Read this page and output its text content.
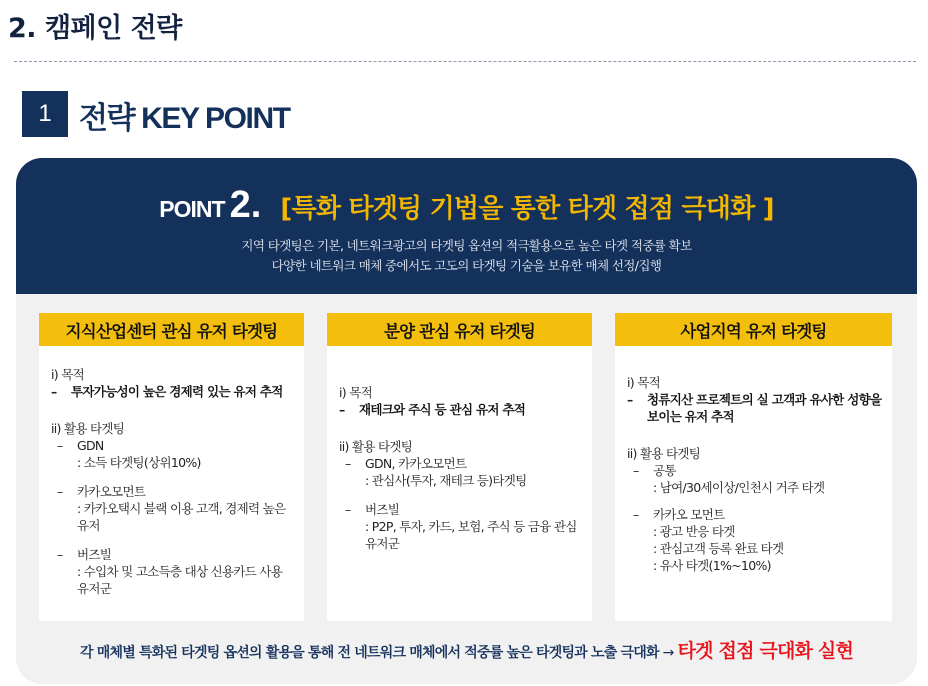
2. 캠페인 전략
1 전략 KEY POINT
POINT 2. [특화 타겟팅 기법을 통한 타겟 접점 극대화 ]
지역 타겟팅은 기본, 네트워크광고의 타겟팅 옵션의 적극활용으로 높은 타겟 적중률 확보
다양한 네트워크 매체 중에서도 고도의 타겟팅 기술을 보유한 매체 선정/집행
지식산업센터 관심 유저 타겟팅
i) 목적
–	투자가능성이 높은 경제력 있는 유저 추적
ii) 활용 타겟팅
–	GDN
: 소득 타겟팅(상위10%)
–	카카오모먼트
: 카카오택시 블랙 이용 고객, 경제력 높은 유저
–	버즈빌
: 수입차 및 고소득층 대상 신용카드 사용 유저군
분양 관심 유저 타겟팅
i) 목적
–	재테크와 주식 등 관심 유저 추적
ii) 활용 타겟팅
–	GDN, 카카오모먼트
: 관심사(투자, 재테크 등)타겟팅
–	버즈빌
: P2P, 투자, 카드, 보험, 주식 등 금융 관심 유저군
사업지역 유저 타겟팅
i) 목적
–	청류지산 프로젝트의 실 고객과 유사한 성향을 보이는 유저 추적
ii) 활용 타겟팅
–	공통
: 남여/30세이상/인천시 거주 타겟
–	카카오 모먼트
: 광고 반응 타겟
: 관심고객 등록 완료 타겟
: 유사 타겟(1%~10%)
각 매체별 특화된 타겟팅 옵션의 활용을 통해 전 네트워크 매체에서 적중률 높은 타겟팅과 노출 극대화 → 타겟 접점 극대화 실현
